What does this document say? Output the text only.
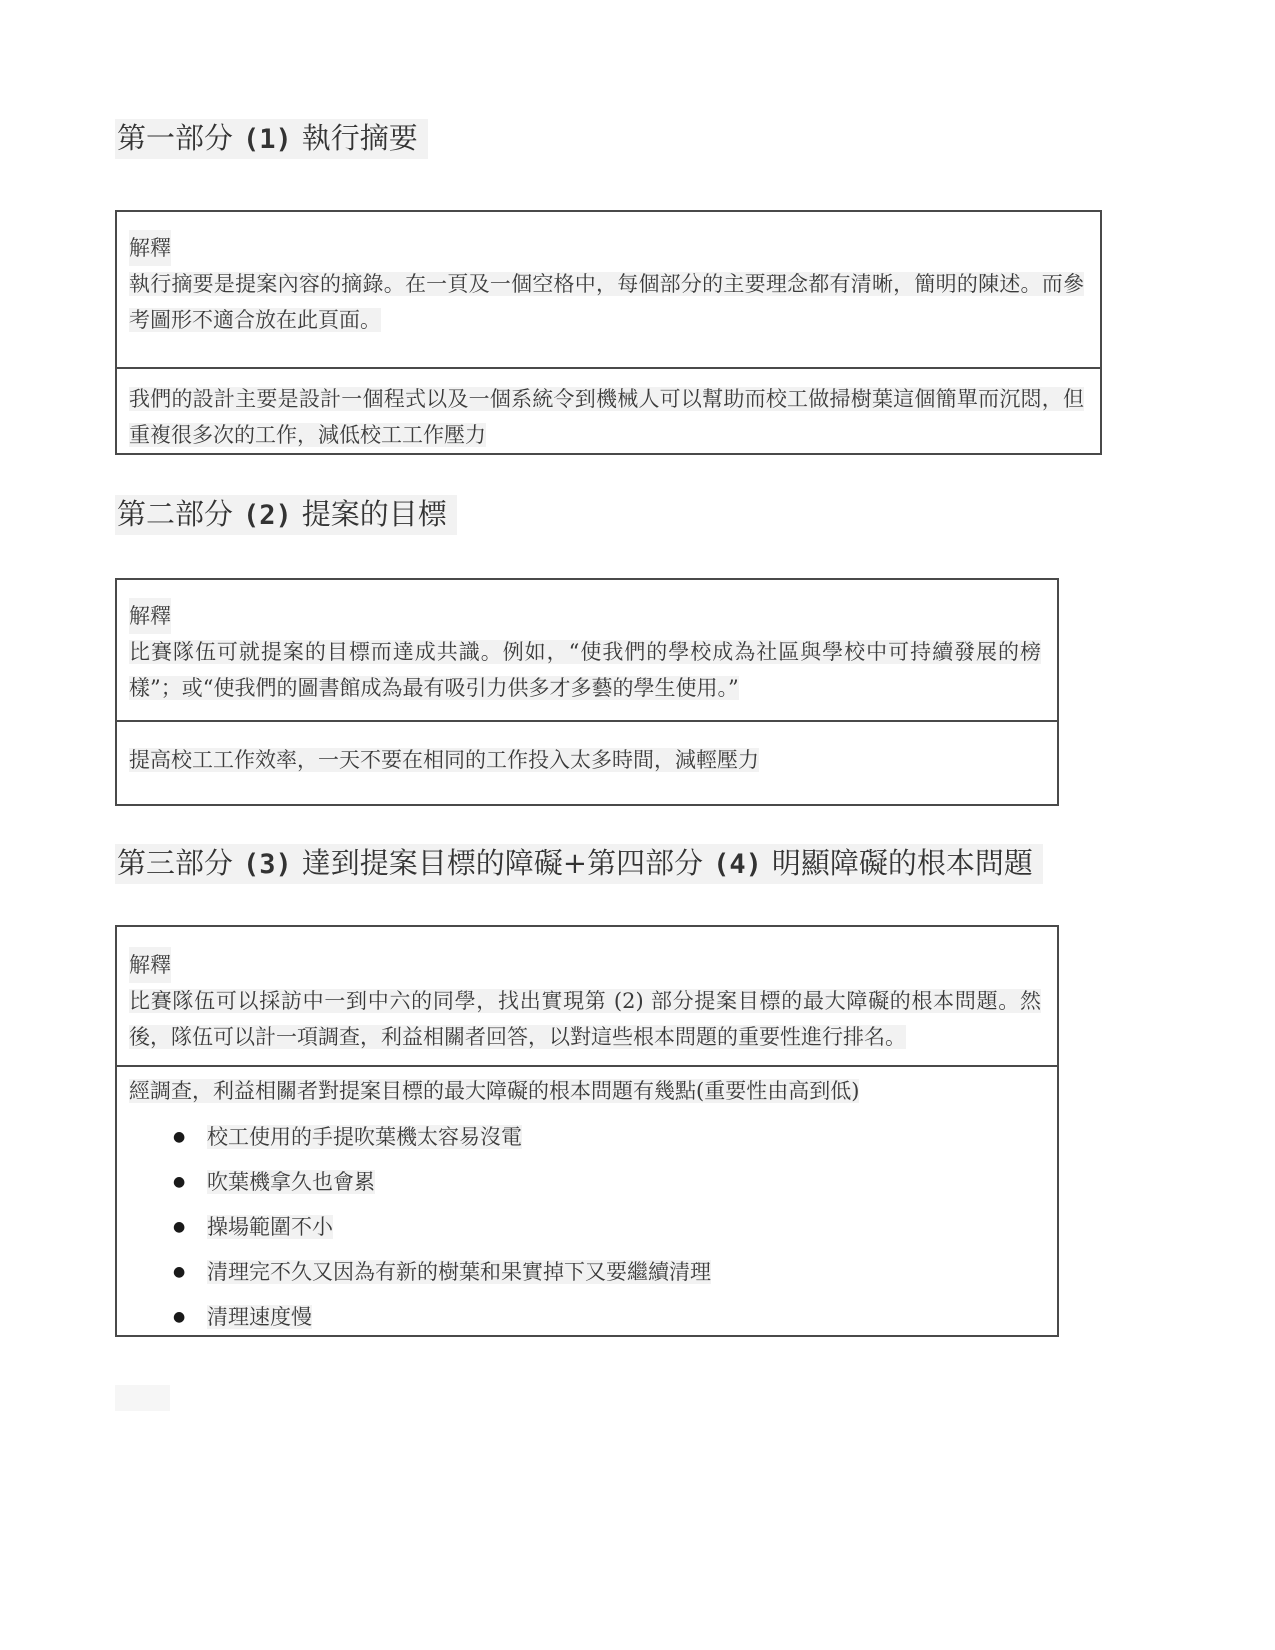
第一部分 (1) 執行摘要

解釋

執行摘要是提案內容的摘錄。在一頁及一個空格中，每個部分的主要理念都有清晰，簡明的陳述。而參考圖形不適合放在此頁面。

我們的設計主要是設計一個程式以及一個系統令到機械人可以幫助而校工做掃樹葉這個簡單而沉悶，但重複很多次的工作，減低校工工作壓力

第二部分 (2) 提案的目標

解釋

比賽隊伍可就提案的目標而達成共識。例如，“使我們的學校成為社區與學校中可持續發展的榜樣”；或“使我們的圖書館成為最有吸引力供多才多藝的學生使用。”

提高校工工作效率，一天不要在相同的工作投入太多時間，減輕壓力

第三部分 (3) 達到提案目標的障礙+第四部分 (4) 明顯障礙的根本問題

解釋

比賽隊伍可以採訪中一到中六的同學，找出實現第 (2) 部分提案目標的最大障礙的根本問題。然後，隊伍可以計一項調查，利益相關者回答，以對這些根本問題的重要性進行排名。

經調查，利益相關者對提案目標的最大障礙的根本問題有幾點(重要性由高到低)

● 校工使用的手提吹葉機太容易沒電
● 吹葉機拿久也會累
● 操場範圍不小
● 清理完不久又因為有新的樹葉和果實掉下又要繼續清理
● 清理速度慢
